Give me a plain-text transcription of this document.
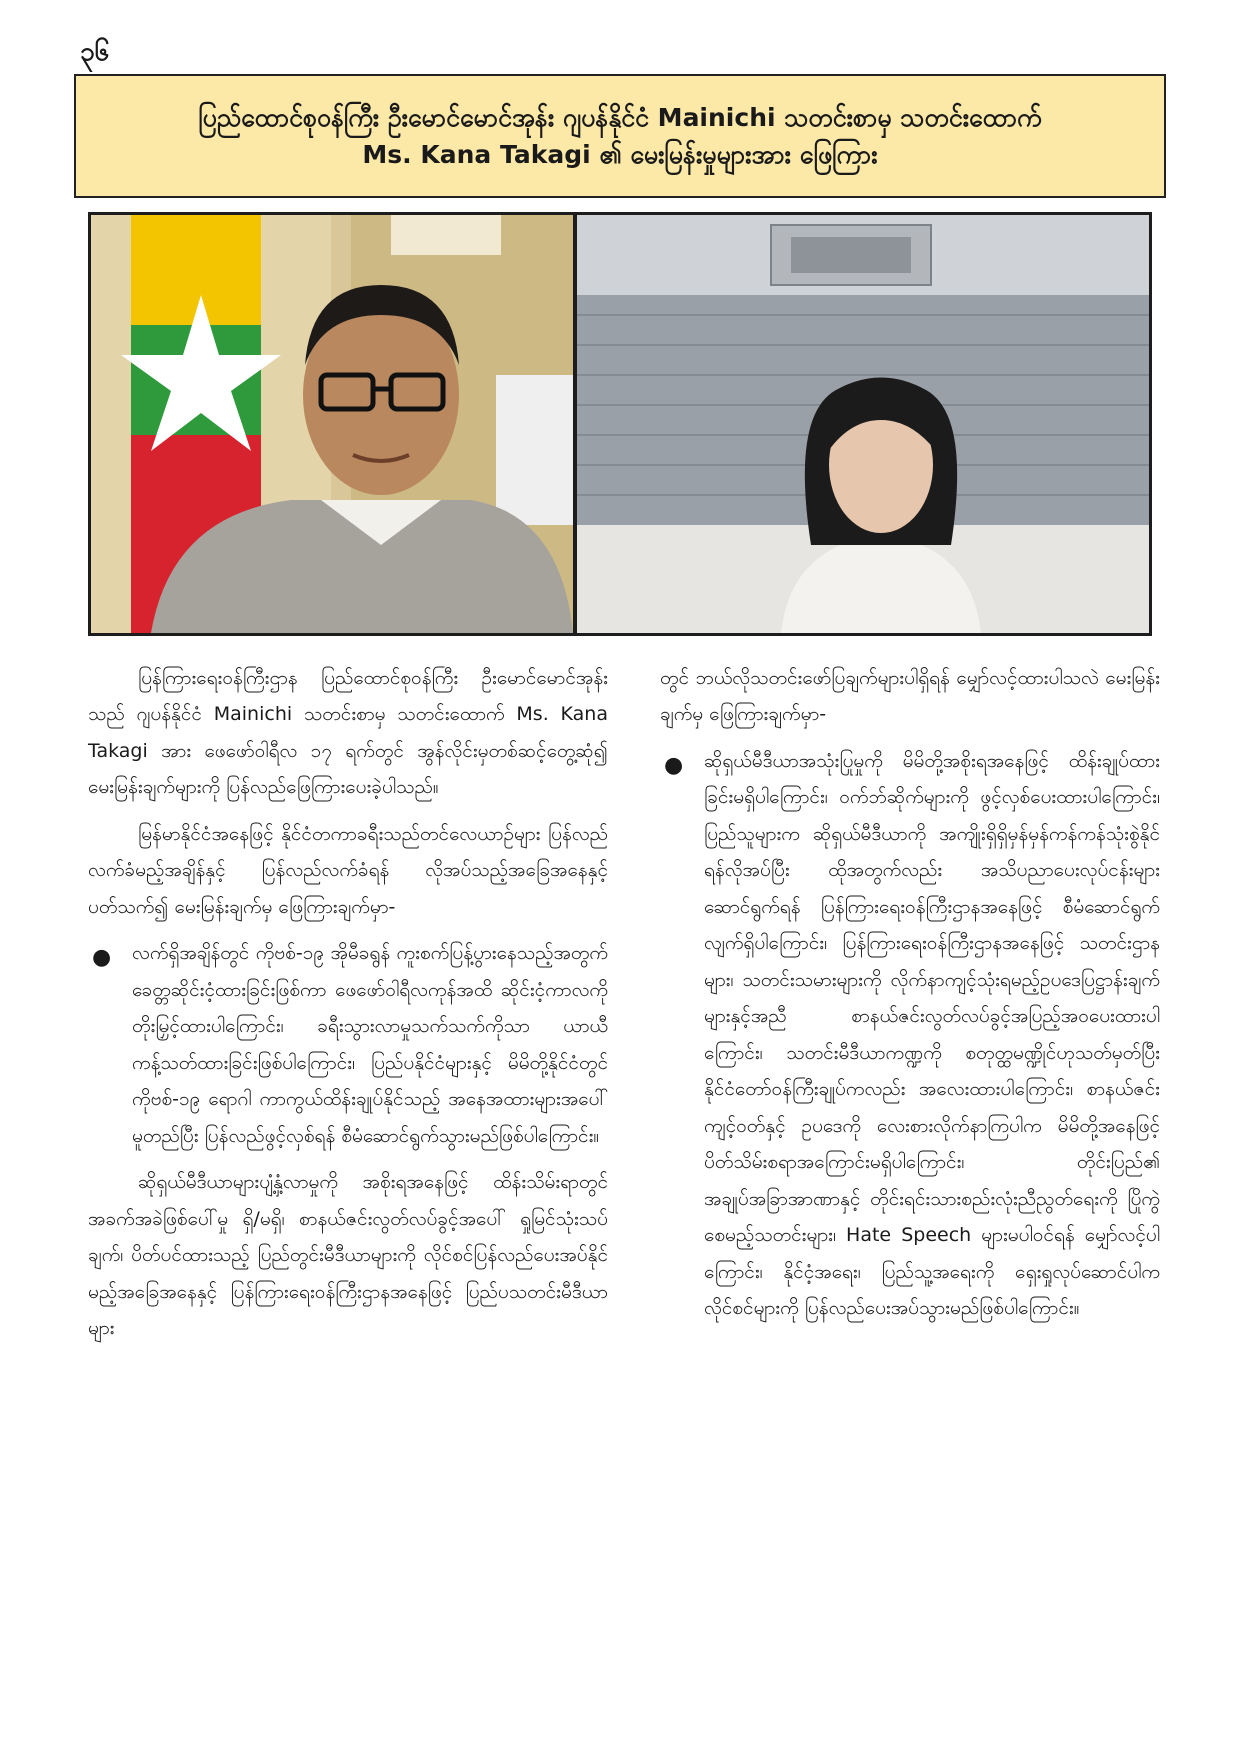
၃၆
ပြည်ထောင်စုဝန်ကြီး ဦးမောင်မောင်အုန်း ဂျပန်နိုင်ငံ Mainichi သတင်းစာမှ သတင်းထောက်
Ms. Kana Takagi ၏ မေးမြန်းမှုများအား ဖြေကြား

ပြန်ကြားရေးဝန်ကြီးဌာန ပြည်ထောင်စုဝန်ကြီး ဦးမောင်မောင်အုန်းသည် ဂျပန်နိုင်ငံ Mainichi သတင်းစာမှ သတင်းထောက် Ms. Kana Takagi အား ဖေဖော်ဝါရီလ ၁၇ ရက်တွင် အွန်လိုင်းမှတစ်ဆင့်တွေ့ဆုံ၍ မေးမြန်းချက်များကို ပြန်လည်ဖြေကြားပေးခဲ့ပါသည်။

မြန်မာနိုင်ငံအနေဖြင့် နိုင်ငံတကာခရီးသည်တင်လေယာဉ်များ ပြန်လည်လက်ခံမည့်အချိန်နှင့် ပြန်လည်လက်ခံရန် လိုအပ်သည့်အခြေအနေနှင့်ပတ်သက်၍ မေးမြန်းချက်မှ ဖြေကြားချက်မှာ-

● လက်ရှိအချိန်တွင် ကိုဗစ်-၁၉ အိုမီခရွန် ကူးစက်ပြန့်ပွားနေသည့်အတွက် ခေတ္တဆိုင်းငံ့ထားခြင်းဖြစ်ကာ ဖေဖော်ဝါရီလကုန်အထိ ဆိုင်းငံ့ကာလကို တိုးမြှင့်ထားပါကြောင်း၊ ခရီးသွားလာမှုသက်သက်ကိုသာ ယာယီကန့်သတ်ထားခြင်းဖြစ်ပါကြောင်း၊ ပြည်ပနိုင်ငံများနှင့် မိမိတို့နိုင်ငံတွင် ကိုဗစ်-၁၉ ရောဂါ ကာကွယ်ထိန်းချုပ်နိုင်သည့် အနေအထားများအပေါ် မူတည်ပြီး ပြန်လည်ဖွင့်လှစ်ရန် စီမံဆောင်ရွက်သွားမည်ဖြစ်ပါကြောင်း။

ဆိုရှယ်မီဒီယာများပျံ့နှံ့လာမှုကို အစိုးရအနေဖြင့် ထိန်းသိမ်းရာတွင် အခက်အခဲဖြစ်ပေါ်မှု ရှိ/မရှိ၊ စာနယ်ဇင်းလွတ်လပ်ခွင့်အပေါ် ရှုမြင်သုံးသပ်ချက်၊ ပိတ်ပင်ထားသည့် ပြည်တွင်းမီဒီယာများကို လိုင်စင်ပြန်လည်ပေးအပ်နိုင်မည့်အခြေအနေနှင့် ပြန်ကြားရေးဝန်ကြီးဌာနအနေဖြင့် ပြည်ပသတင်းမီဒီယာများ

တွင် ဘယ်လိုသတင်းဖော်ပြချက်များပါရှိရန် မျှော်လင့်ထားပါသလဲ မေးမြန်းချက်မှ ဖြေကြားချက်မှာ-

● ဆိုရှယ်မီဒီယာအသုံးပြုမှုကို မိမိတို့အစိုးရအနေဖြင့် ထိန်းချုပ်ထားခြင်းမရှိပါကြောင်း၊ ဝက်ဘ်ဆိုက်များကို ဖွင့်လှစ်ပေးထားပါကြောင်း၊ ပြည်သူများက ဆိုရှယ်မီဒီယာကို အကျိုးရှိရှိမှန်မှန်ကန်ကန်သုံးစွဲနိုင်ရန်လိုအပ်ပြီး ထိုအတွက်လည်း အသိပညာပေးလုပ်ငန်းများဆောင်ရွက်ရန် ပြန်ကြားရေးဝန်ကြီးဌာနအနေဖြင့် စီမံဆောင်ရွက်လျက်ရှိပါကြောင်း၊ ပြန်ကြားရေးဝန်ကြီးဌာနအနေဖြင့် သတင်းဌာနများ၊ သတင်းသမားများကို လိုက်နာကျင့်သုံးရမည့်ဥပဒေပြဋ္ဌာန်းချက်များနှင့်အညီ စာနယ်ဇင်းလွတ်လပ်ခွင့်အပြည့်အဝပေးထားပါကြောင်း၊ သတင်းမီဒီယာကဏ္ဍကို စတုတ္ထမဏ္ဍိုင်ဟုသတ်မှတ်ပြီး နိုင်ငံတော်ဝန်ကြီးချုပ်ကလည်း အလေးထားပါကြောင်း၊ စာနယ်ဇင်းကျင့်ဝတ်နှင့် ဥပဒေကို လေးစားလိုက်နာကြပါက မိမိတို့အနေဖြင့် ပိတ်သိမ်းစရာအကြောင်းမရှိပါကြောင်း၊ တိုင်းပြည်၏ အချုပ်အခြာအာဏာနှင့် တိုင်းရင်းသားစည်းလုံးညီညွတ်ရေးကို ပြိုကွဲစေမည့်သတင်းများ၊ Hate Speech များမပါဝင်ရန် မျှော်လင့်ပါကြောင်း၊ နိုင်ငံ့အရေး၊ ပြည်သူ့အရေးကို ရှေးရှုလုပ်ဆောင်ပါက လိုင်စင်များကို ပြန်လည်ပေးအပ်သွားမည်ဖြစ်ပါကြောင်း။
